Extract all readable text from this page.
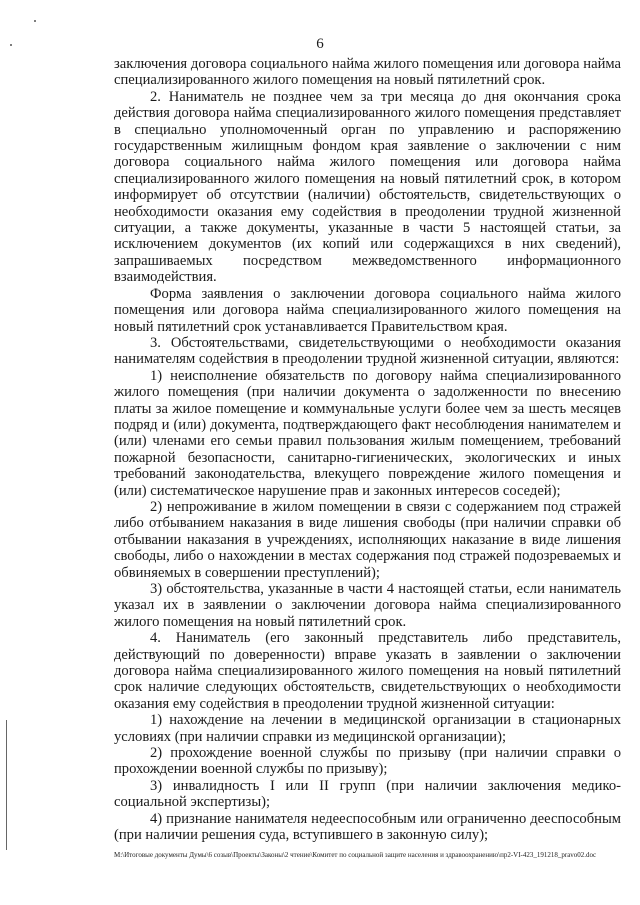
6

заключения договора социального найма жилого помещения или договора найма специализированного жилого помещения на новый пятилетний срок.

2. Наниматель не позднее чем за три месяца до дня окончания срока действия договора найма специализированного жилого помещения представляет в специально уполномоченный орган по управлению и распоряжению государственным жилищным фондом края заявление о заключении с ним договора социального найма жилого помещения или договора найма специализированного жилого помещения на новый пятилетний срок, в котором информирует об отсутствии (наличии) обстоятельств, свидетельствующих о необходимости оказания ему содействия в преодолении трудной жизненной ситуации, а также документы, указанные в части 5 настоящей статьи, за исключением документов (их копий или содержащихся в них сведений), запрашиваемых посредством межведомственного информационного взаимодействия.

Форма заявления о заключении договора социального найма жилого помещения или договора найма специализированного жилого помещения на новый пятилетний срок устанавливается Правительством края.

3. Обстоятельствами, свидетельствующими о необходимости оказания нанимателям содействия в преодолении трудной жизненной ситуации, являются:

1) неисполнение обязательств по договору найма специализированного жилого помещения (при наличии документа о задолженности по внесению платы за жилое помещение и коммунальные услуги более чем за шесть месяцев подряд и (или) документа, подтверждающего факт несоблюдения нанимателем и (или) членами его семьи правил пользования жилым помещением, требований пожарной безопасности, санитарно-гигиенических, экологических и иных требований законодательства, влекущего повреждение жилого помещения и (или) систематическое нарушение прав и законных интересов соседей);

2) непроживание в жилом помещении в связи с содержанием под стражей либо отбыванием наказания в виде лишения свободы (при наличии справки об отбывании наказания в учреждениях, исполняющих наказание в виде лишения свободы, либо о нахождении в местах содержания под стражей подозреваемых и обвиняемых в совершении преступлений);

3) обстоятельства, указанные в части 4 настоящей статьи, если наниматель указал их в заявлении о заключении договора найма специализированного жилого помещения на новый пятилетний срок.

4. Наниматель (его законный представитель либо представитель, действующий по доверенности) вправе указать в заявлении о заключении договора найма специализированного жилого помещения на новый пятилетний срок наличие следующих обстоятельств, свидетельствующих о необходимости оказания ему содействия в преодолении трудной жизненной ситуации:

1) нахождение на лечении в медицинской организации в стационарных условиях (при наличии справки из медицинской организации);

2) прохождение военной службы по призыву (при наличии справки о прохождении военной службы по призыву);

3) инвалидность I или II групп (при наличии заключения медико-социальной экспертизы);

4) признание нанимателя недееспособным или ограниченно дееспособным (при наличии решения суда, вступившего в законную силу);

М:\Итоговые документы Думы\6 созыв\Проекты\Законы\2 чтение\Комитет по социальной защите населения и здравоохранению\пр2-VI-423_191218_pravo02.doc
